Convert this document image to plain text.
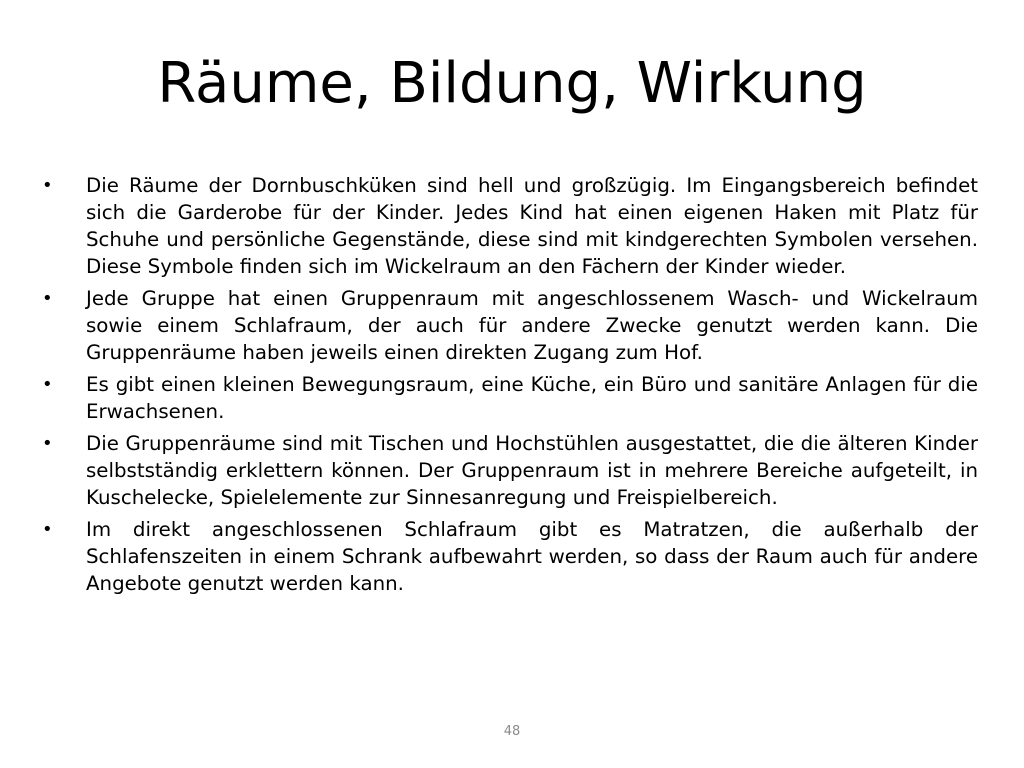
Räume, Bildung, Wirkung
•	Die Räume der Dornbuschküken sind hell und großzügig. Im Eingangsbereich befindet sich die Garderobe für der Kinder. Jedes Kind hat einen eigenen Haken mit Platz für Schuhe und persönliche Gegenstände, diese sind mit kindgerechten Symbolen versehen. Diese Symbole finden sich im Wickelraum an den Fächern der Kinder wieder.
•	Jede Gruppe hat einen Gruppenraum mit angeschlossenem Wasch- und Wickelraum sowie einem Schlafraum, der auch für andere Zwecke genutzt werden kann. Die Gruppenräume haben jeweils einen direkten Zugang zum Hof.
•	Es gibt einen kleinen Bewegungsraum, eine Küche, ein Büro und sanitäre Anlagen für die Erwachsenen.
•	Die Gruppenräume sind mit Tischen und Hochstühlen ausgestattet, die die älteren Kinder selbstständig erklettern können. Der Gruppenraum ist in mehrere Bereiche aufgeteilt, in Kuschelecke, Spielelemente zur Sinnesanregung und Freispielbereich.
•	Im direkt angeschlossenen Schlafraum gibt es Matratzen, die außerhalb der Schlafenszeiten in einem Schrank aufbewahrt werden, so dass der Raum auch für andere Angebote genutzt werden kann.
48
